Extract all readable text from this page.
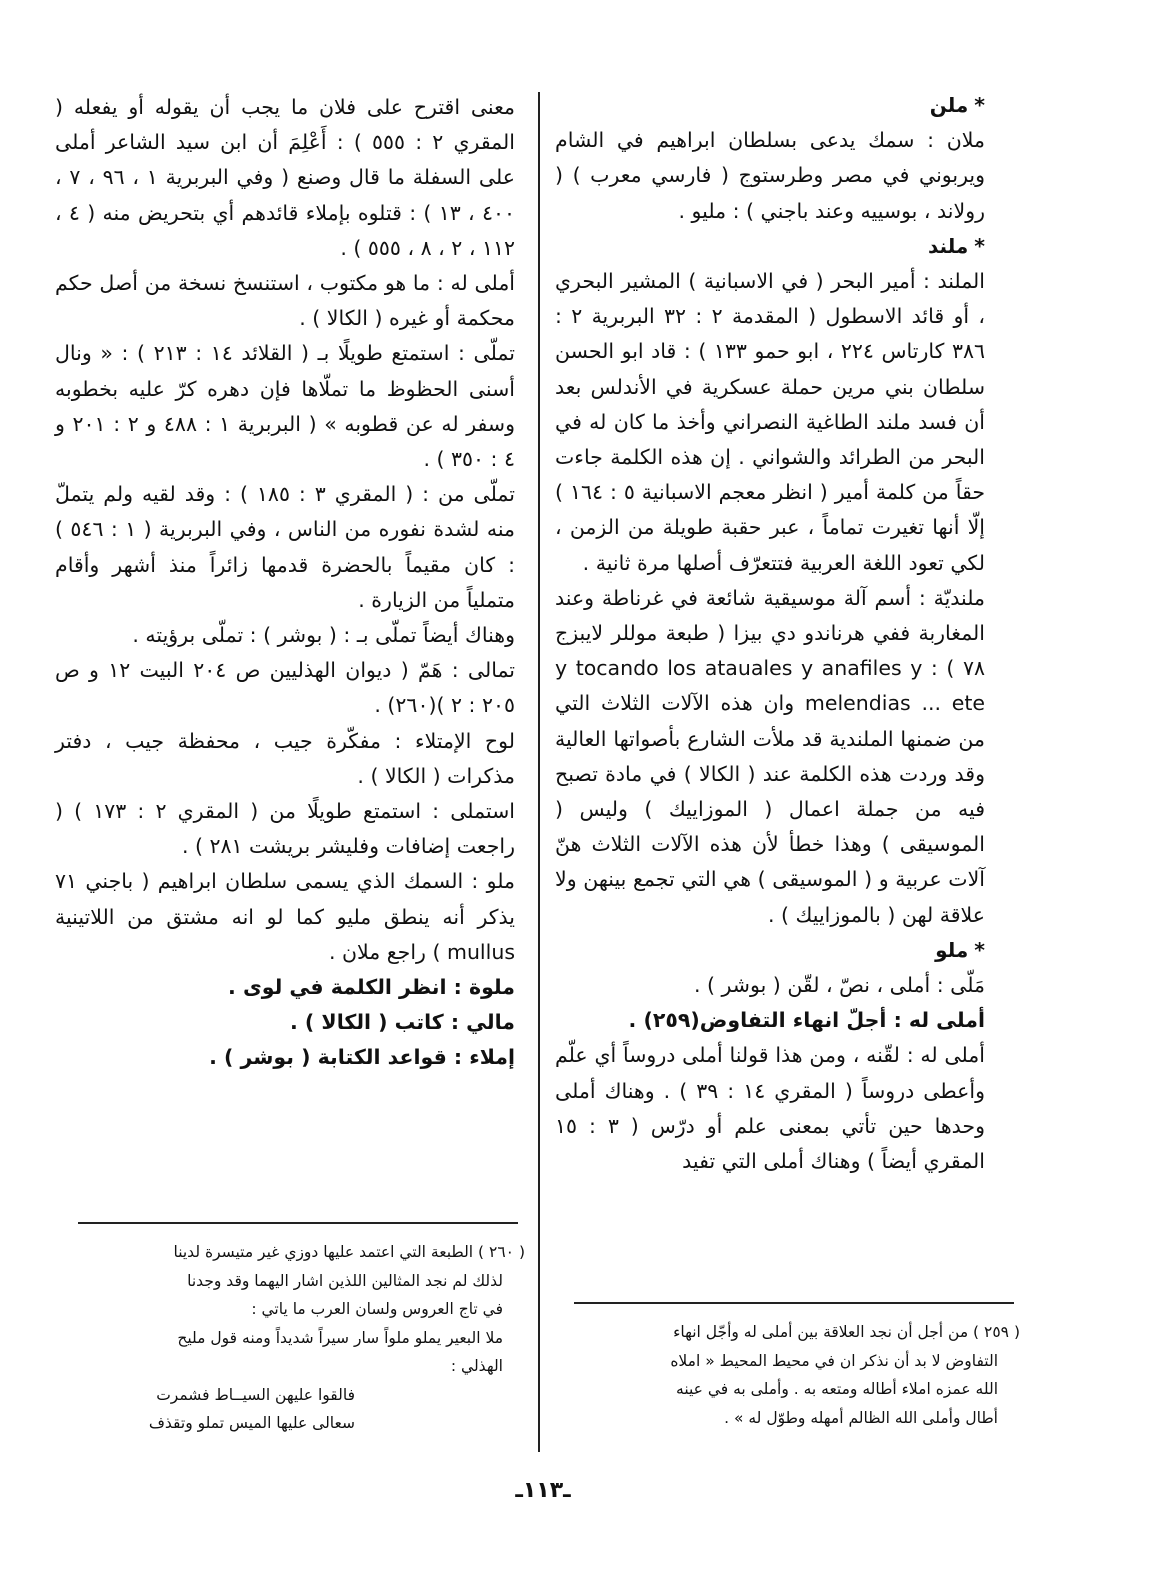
*ملن

ملان : سمك يدعى بسلطان ابراهيم في الشام ويربوني في مصر وطرستوج ( فارسي معرب ) ( رولاند ، بوسييه وعند باجني ) : مليو .

*ملند

الملند : أمير البحر ( في الاسبانية ) المشير البحري ، أو قائد الاسطول ( المقدمة ٢ : ٣٢ البربرية ٢ : ٣٨٦ كارتاس ٢٢٤ ، ابو حمو ١٣٣ ) : قاد ابو الحسن سلطان بني مرين حملة عسكرية في الأندلس بعد أن فسد ملند الطاغية النصراني وأخذ ما كان له في البحر من الطرائد والشواني . إن هذه الكلمة جاءت حقاً من كلمة أمير ( انظر معجم الاسبانية ٥ : ١٦٤ ) إلّا أنها تغيرت تماماً ، عبر حقبة طويلة من الزمن ، لكي تعود اللغة العربية فتتعرّف أصلها مرة ثانية .

ملنديّة : أسم آلة موسيقية شائعة في غرناطة وعند المغاربة ففي هرناندو دي بيزا ( طبعة موللر لايبزج ٧٨ ) : y tocando los atauales y anafiles y melendias ... ete وان هذه الآلات الثلاث التي من ضمنها الملندية قد ملأت الشارع بأصواتها العالية وقد وردت هذه الكلمة عند ( الكالا ) في مادة تصبح فيه من جملة اعمال ( الموزاييك ) وليس ( الموسيقى ) وهذا خطأ لأن هذه الآلات الثلاث هنّ آلات عربية و ( الموسيقى ) هي التي تجمع بينهن ولا علاقة لهن ( بالموزاييك ) .

*ملو

مَلّى : أملى ، نصّ ، لقّن ( بوشر ) .

أملى له : أجلّ انهاء التفاوض(٢٥٩) .

أملى له : لقّنه ، ومن هذا قولنا أملى دروساً أي علّم وأعطى دروساً ( المقري ١٤ : ٣٩ ) . وهناك أملى وحدها حين تأتي بمعنى علم أو درّس ( ٣ : ١٥ المقري أيضاً ) وهناك أملى التي تفيد

معنى اقترح على فلان ما يجب أن يقوله أو يفعله ( المقري ٢ : ٥٥٥ ) : أَعْلِمَ أن ابن سيد الشاعر أملى على السفلة ما قال وصنع ( وفي البربرية ١ ، ٩٦ ، ٧ ، ٤٠٠ ، ١٣ ) : قتلوه بإملاء قائدهم أي بتحريض منه ( ٤ ، ١١٢ ، ٢ ، ٨ ، ٥٥٥ ) .

أملى له : ما هو مكتوب ، استنسخ نسخة من أصل حكم محكمة أو غيره ( الكالا ) .

تملّى : استمتع طويلًا بـ ( القلائد ١٤ : ٢١٣ ) : « ونال أسنى الحظوظ ما تملّاها فإن دهره كرّ عليه بخطوبه وسفر له عن قطوبه » ( البربرية ١ : ٤٨٨ و ٢ : ٢٠١ و ٤ : ٣٥٠ ) .

تملّى من : ( المقري ٣ : ١٨٥ ) : وقد لقيه ولم يتملّ منه لشدة نفوره من الناس ، وفي البربرية ( ١ : ٥٤٦ ) : كان مقيماً بالحضرة قدمها زائراً منذ أشهر وأقام متملياً من الزيارة .

وهناك أيضاً تملّى بـ : ( بوشر ) : تملّى برؤيته .

تمالى : هَمّ ( ديوان الهذليين ص ٢٠٤ البيت ١٢ و ص ٢٠٥ : ٢ )(٢٦٠) .

لوح الإمتلاء : مفكّرة جيب ، محفظة جيب ، دفتر مذكرات ( الكالا ) .

استملى : استمتع طويلًا من ( المقري ٢ : ١٧٣ ) ( راجعت إضافات وفليشر بريشت ٢٨١ ) .

ملو : السمك الذي يسمى سلطان ابراهيم ( باجني ٧١ يذكر أنه ينطق مليو كما لو انه مشتق من اللاتينية mullus ) راجع ملان .

ملوة : انظر الكلمة في لوى .

مالي : كاتب ( الكالا ) .

إملاء : قواعد الكتابة ( بوشر ) .

( ٢٦٠ ) الطبعة التي اعتمد عليها دوزي غير متيسرة لدينا

لذلك لم نجد المثالين اللذين اشار اليهما وقد وجدنا

في تاج العروس ولسان العرب ما ياتي :

ملا البعير يملو ملواً سار سيراً شديداً ومنه قول مليح

الهذلي :

فالقوا عليهن السيــاط فشمرت

سعالى عليها الميس تملو وتقذف

( ٢٥٩ ) من أجل أن نجد العلاقة بين أملى له وأجّل انهاء

التفاوض لا بد أن نذكر ان في محيط المحيط « املاه

الله عمزه املاء أطاله ومتعه به . وأملى به في عينه

أطال وأملى الله الظالم أمهله وطوّل له » .

ـ١١٣ـ
